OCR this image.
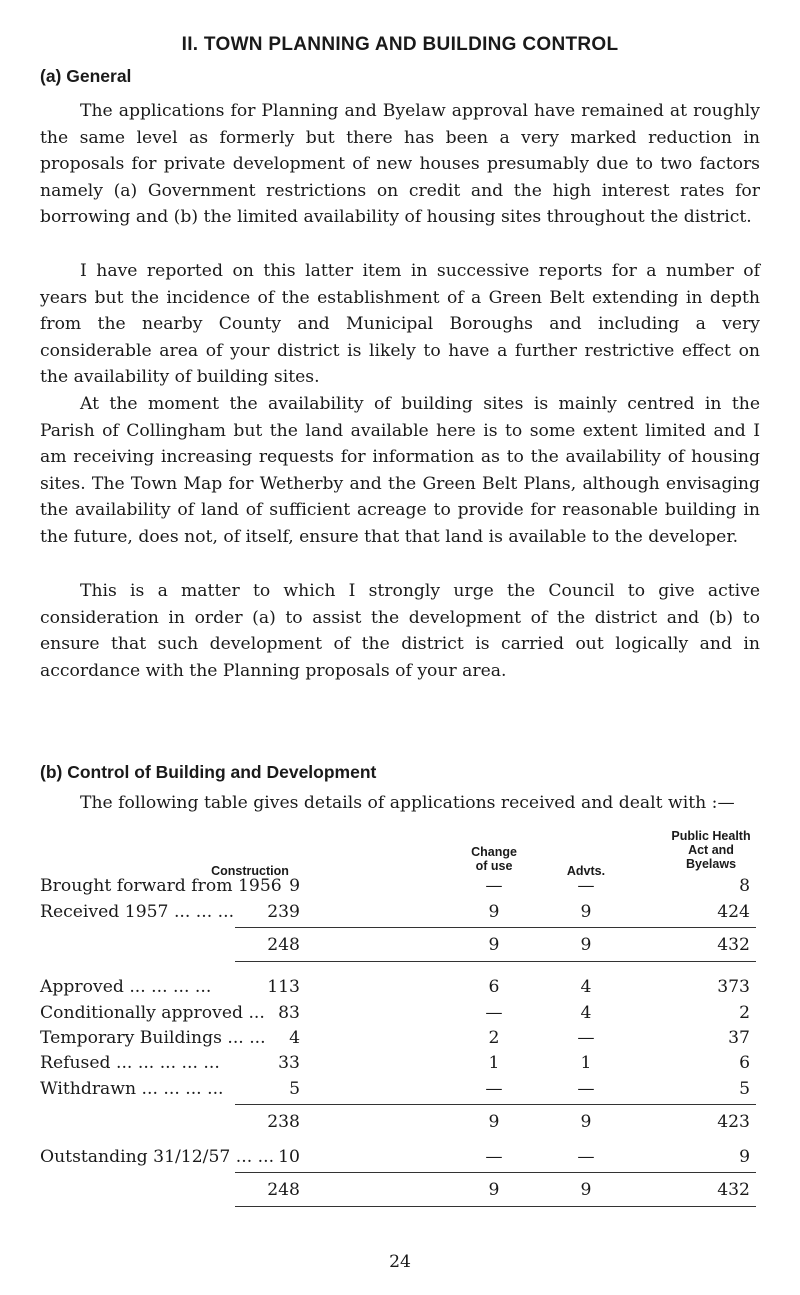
II. TOWN PLANNING AND BUILDING CONTROL
(a) General

The applications for Planning and Byelaw approval have remained at roughly the same level as formerly but there has been a very marked reduction in proposals for private development of new houses presumably due to two factors namely (a) Government restrictions on credit and the high interest rates for borrowing and (b) the limited availability of housing sites throughout the district.

I have reported on this latter item in successive reports for a number of years but the incidence of the establishment of a Green Belt extending in depth from the nearby County and Municipal Boroughs and including a very considerable area of your district is likely to have a further restrictive effect on the availability of building sites.

At the moment the availability of building sites is mainly centred in the Parish of Collingham but the land available here is to some extent limited and I am receiving increasing requests for information as to the availability of housing sites. The Town Map for Wetherby and the Green Belt Plans, although envisaging the availability of land of sufficient acreage to provide for reasonable building in the future, does not, of itself, ensure that that land is available to the developer.

This is a matter to which I strongly urge the Council to give active consideration in order (a) to assist the development of the district and (b) to ensure that such development of the district is carried out logically and in accordance with the Planning proposals of your area.

(b) Control of Building and Development

The following table gives details of applications received and dealt with :—

Construction
Change
of use	Advts.
Public Health
Act and
Byelaws
Brought forward from 1956 9	—	—	8
Received 1957 ... ... ...	239	9	9	424
248	9	9	432
Approved ... ... ... ...	113	6	4	373
Conditionally approved ... 83	—	4	2
Temporary Buildings ... ...	4	2	—	37
Refused ... ... ... ... ...	33	1	1	6
Withdrawn ... ... ... ...	5	—	—	5
238	9	9	423
Outstanding 31/12/57 ... ... 10	—	—	9
248	9	9	432
24
